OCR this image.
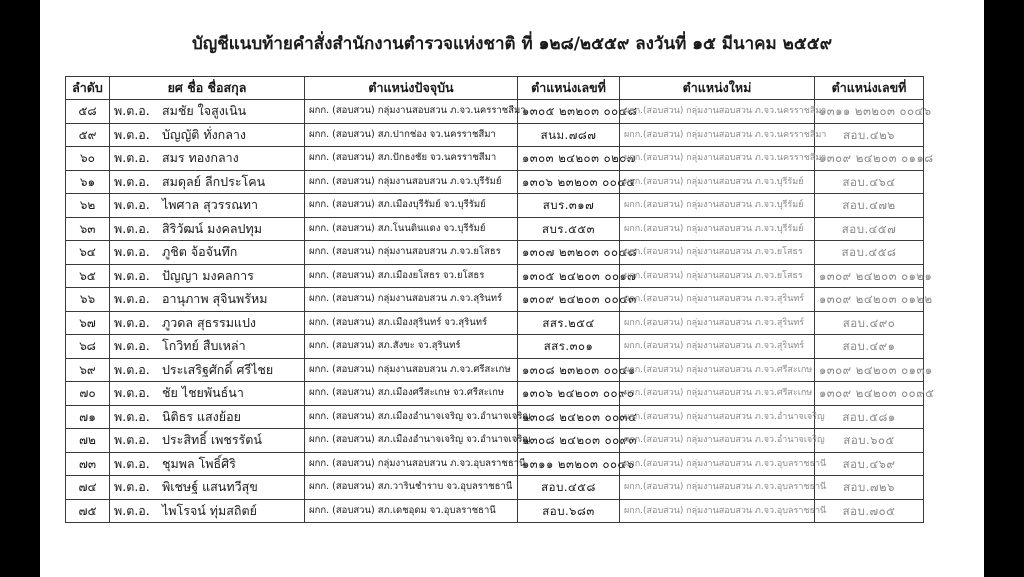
บัญชีแนบท้ายคำสั่งสำนักงานตำรวจแห่งชาติ ที่ ๑๒๘/๒๕๕๙ ลงวันที่ ๑๕ มีนาคม ๒๕๕๙
ลำดับ	ยศ ชื่อ ชื่อสกุล	ตำแหน่งปัจจุบัน	ตำแหน่งเลขที่	ตำแหน่งใหม่	ตำแหน่งเลขที่
๕๘	พ.ต.อ. สมชัย ใจสูงเนิน	ผกก. (สอบสวน) กลุ่มงานสอบสวน ภ.จว.นครราชสีมา	๑๓๐๕ ๒๓๒๐๓ ๐๐๔๘	ผกก.(สอบสวน) กลุ่มงานสอบสวน ภ.จว.นครราชสีมา	๑๓๑๑ ๒๓๒๐๓ ๐๐๔๖
๕๙	พ.ต.อ. บัญญัติ ทั่งกลาง	ผกก. (สอบสวน) สภ.ปากช่อง จว.นครราชสีมา	สนม.๗๘๗	ผกก.(สอบสวน) กลุ่มงานสอบสวน ภ.จว.นครราชสีมา	สอบ.๔๒๖
๖๐	พ.ต.อ. สมร ทองกลาง	ผกก. (สอบสวน) สภ.ปักธงชัย จว.นครราชสีมา	๑๓๐๓ ๒๔๒๐๓ ๐๒๐๗	ผกก.(สอบสวน) กลุ่มงานสอบสวน ภ.จว.นครราชสีมา	๑๓๐๙ ๒๔๒๐๓ ๐๑๑๘
๖๑	พ.ต.อ. สมดุลย์ ลีกประโคน	ผกก. (สอบสวน) กลุ่มงานสอบสวน ภ.จว.บุรีรัมย์	๑๓๐๖ ๒๓๒๐๓ ๐๐๔๕	ผกก.(สอบสวน) กลุ่มงานสอบสวน ภ.จว.บุรีรัมย์	สอบ.๔๖๔
๖๒	พ.ต.อ. ไพศาล สุวรรณทา	ผกก. (สอบสวน) สภ.เมืองบุรีรัมย์ จว.บุรีรัมย์	สบร.๓๑๗	ผกก.(สอบสวน) กลุ่มงานสอบสวน ภ.จว.บุรีรัมย์	สอบ.๔๗๒
๖๓	พ.ต.อ. สิริวัฒน์ มงคลปทุม	ผกก. (สอบสวน) สภ.โนนดินแดง จว.บุรีรัมย์	สบร.๕๕๓	ผกก.(สอบสวน) กลุ่มงานสอบสวน ภ.จว.บุรีรัมย์	สอบ.๔๕๗
๖๔	พ.ต.อ. ภูชิต จ้อจันทึก	ผกก. (สอบสวน) กลุ่มงานสอบสวน ภ.จว.ยโสธร	๑๓๐๗ ๒๓๒๐๓ ๐๐๔๘	ผกก.(สอบสวน) กลุ่มงานสอบสวน ภ.จว.ยโสธร	สอบ.๔๕๘
๖๕	พ.ต.อ. ปัญญา มงคลการ	ผกก. (สอบสวน) สภ.เมืองยโสธร จว.ยโสธร	๑๓๐๕ ๒๔๒๐๓ ๐๐๑๗	ผกก.(สอบสวน) กลุ่มงานสอบสวน ภ.จว.ยโสธร	๑๓๐๙ ๒๔๒๐๓ ๐๑๒๑
๖๖	พ.ต.อ. อานุภาพ สุจินพรัหม	ผกก. (สอบสวน) กลุ่มงานสอบสวน ภ.จว.สุรินทร์	๑๓๐๙ ๒๔๒๐๓ ๐๐๔๓	ผกก.(สอบสวน) กลุ่มงานสอบสวน ภ.จว.สุรินทร์	๑๓๐๙ ๒๔๒๐๓ ๐๑๒๒
๖๗	พ.ต.อ. ภูวดล สุธรรมแปง	ผกก. (สอบสวน) สภ.เมืองสุรินทร์ จว.สุรินทร์	สสร.๒๕๔	ผกก.(สอบสวน) กลุ่มงานสอบสวน ภ.จว.สุรินทร์	สอบ.๔๙๐
๖๘	พ.ต.อ. โกวิทย์ สืบเหล่า	ผกก. (สอบสวน) สภ.สังขะ จว.สุรินทร์	สสร.๓๐๑	ผกก.(สอบสวน) กลุ่มงานสอบสวน ภ.จว.สุรินทร์	สอบ.๔๙๑
๖๙	พ.ต.อ. ประเสริฐศักดิ์ ศรีไชย	ผกก. (สอบสวน) กลุ่มงานสอบสวน ภ.จว.ศรีสะเกษ	๑๓๐๘ ๒๓๒๐๓ ๐๐๔๑	ผกก.(สอบสวน) กลุ่มงานสอบสวน ภ.จว.ศรีสะเกษ	๑๓๐๙ ๒๔๒๐๓ ๐๑๓๑
๗๐	พ.ต.อ. ชัย ไชยพันธ์นา	ผกก. (สอบสวน) สภ.เมืองศรีสะเกษ จว.ศรีสะเกษ	๑๓๐๖ ๒๔๒๐๓ ๐๐๙๐	ผกก.(สอบสวน) กลุ่มงานสอบสวน ภ.จว.ศรีสะเกษ	๑๓๐๙ ๒๔๒๐๓ ๐๐๙๕
๗๑	พ.ต.อ. นิติธร แสงย้อย	ผกก. (สอบสวน) สภ.เมืองอำนาจเจริญ จว.อำนาจเจริญ	๑๓๐๘ ๒๔๒๐๓ ๐๐๓๔	ผกก.(สอบสวน) กลุ่มงานสอบสวน ภ.จว.อำนาจเจริญ	สอบ.๕๘๑
๗๒	พ.ต.อ. ประสิทธิ์ เพชรรัตน์	ผกก. (สอบสวน) สภ.เมืองอำนาจเจริญ จว.อำนาจเจริญ	๑๓๐๘ ๒๔๒๐๓ ๐๐๙๓	ผกก.(สอบสวน) กลุ่มงานสอบสวน ภ.จว.อำนาจเจริญ	สอบ.๖๐๕
๗๓	พ.ต.อ. ชุมพล โพธิ์ศิริ	ผกก. (สอบสวน) กลุ่มงานสอบสวน ภ.จว.อุบลราชธานี	๑๓๑๑ ๒๓๒๐๓ ๐๐๔๖	ผกก.(สอบสวน) กลุ่มงานสอบสวน ภ.จว.อุบลราชธานี	สอบ.๔๖๙
๗๔	พ.ต.อ. พิเชษฐ์ แสนทวีสุข	ผกก. (สอบสวน) สภ.วารินชำราบ จว.อุบลราชธานี	สอบ.๔๕๘	ผกก.(สอบสวน) กลุ่มงานสอบสวน ภ.จว.อุบลราชธานี	สอบ.๗๒๖
๗๕	พ.ต.อ. ไพโรจน์ ทุ่มสถิตย์	ผกก. (สอบสวน) สภ.เดชอุดม จว.อุบลราชธานี	สอบ.๖๘๓	ผกก.(สอบสวน) กลุ่มงานสอบสวน ภ.จว.อุบลราชธานี	สอบ.๗๐๕
